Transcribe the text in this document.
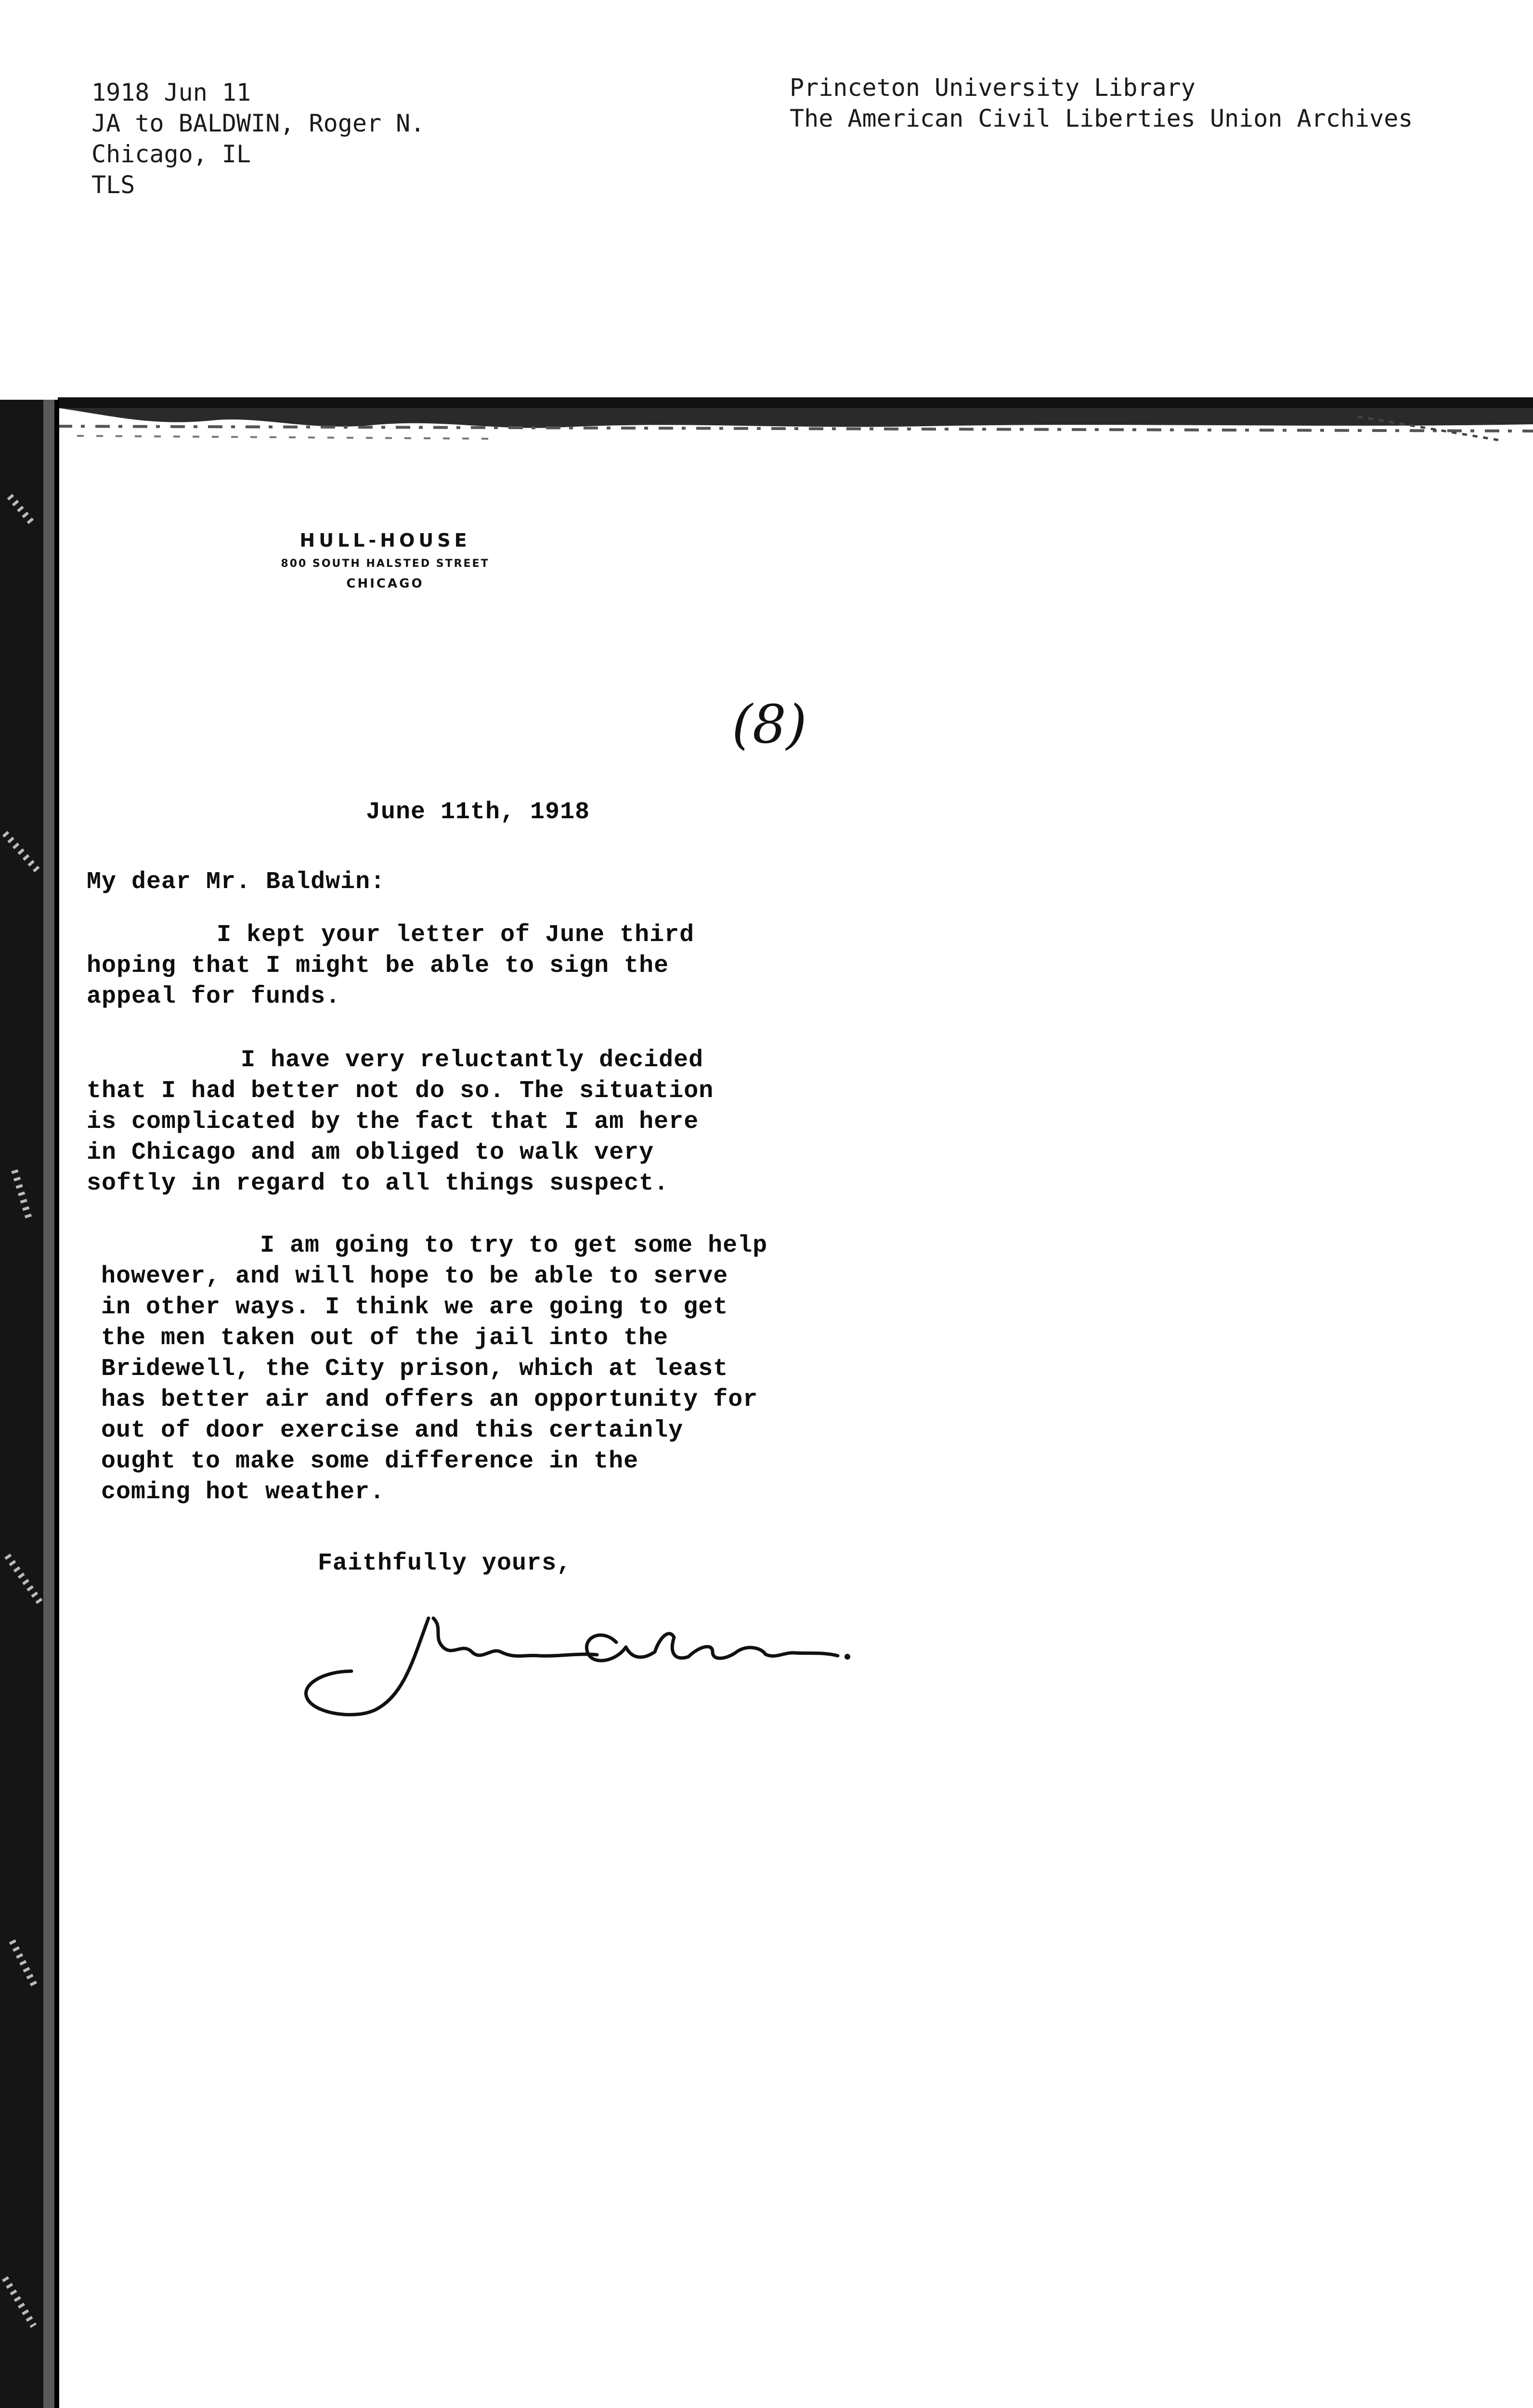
1918 Jun 11
JA to BALDWIN, Roger N.
Chicago, IL
TLS
Princeton University Library
The American Civil Liberties Union Archives
HULL-HOUSE
800 SOUTH HALSTED STREET
CHICAGO
(8)
June 11th, 1918
My dear Mr. Baldwin:
I kept your letter of June third
hoping that I might be able to sign the
appeal for funds.
I have very reluctantly decided
that I had better not do so. The situation
is complicated by the fact that I am here
in Chicago and am obliged to walk very
softly in regard to all things suspect.
I am going to try to get some help
however, and will hope to be able to serve
in other ways. I think we are going to get
the men taken out of the jail into the
Bridewell, the City prison, which at least
has better air and offers an opportunity for
out of door exercise and this certainly
ought to make some difference in the
coming hot weather.
Faithfully yours,
